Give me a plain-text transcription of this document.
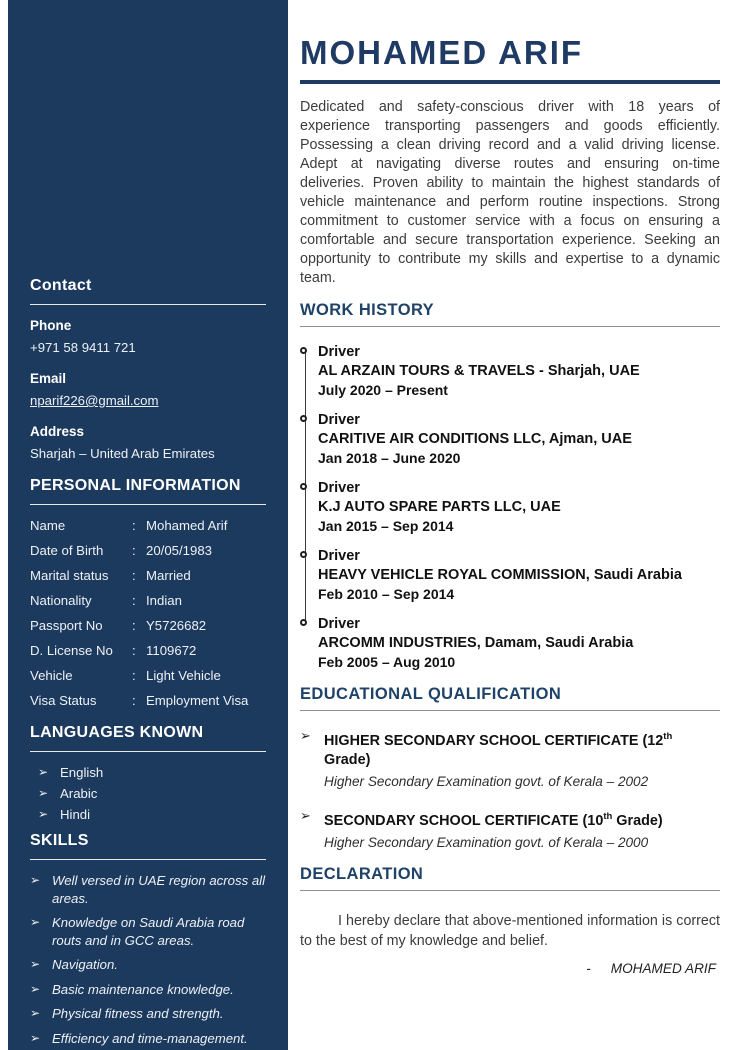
Contact
Phone
+971 58 9411 721
Email
nparif226@gmail.com
Address
Sharjah – United Arab Emirates
PERSONAL INFORMATION
Name	: Mohamed Arif
Date of Birth	: 20/05/1983
Marital status	: Married
Nationality	: Indian
Passport No	: Y5726682
D. License No	: 1109672
Vehicle	: Light Vehicle
Visa Status	: Employment Visa
LANGUAGES KNOWN
➢ English
➢ Arabic
➢ Hindi
SKILLS
➢ Well versed in UAE region across all areas.
➢ Knowledge on Saudi Arabia road routs and in GCC areas.
➢ Navigation.
➢ Basic maintenance knowledge.
➢ Physical fitness and strength.
➢ Efficiency and time-management.
MOHAMED ARIF

Dedicated and safety-conscious driver with 18 years of experience transporting passengers and goods efficiently. Possessing a clean driving record and a valid driving license. Adept at navigating diverse routes and ensuring on-time deliveries. Proven ability to maintain the highest standards of vehicle maintenance and perform routine inspections. Strong commitment to customer service with a focus on ensuring a comfortable and secure transportation experience. Seeking an opportunity to contribute my skills and expertise to a dynamic team.

WORK HISTORY
Driver
AL ARZAIN TOURS & TRAVELS - Sharjah, UAE
July 2020 – Present
Driver
CARITIVE AIR CONDITIONS LLC, Ajman, UAE
Jan 2018 – June 2020
Driver
K.J AUTO SPARE PARTS LLC, UAE
Jan 2015 – Sep 2014
Driver
HEAVY VEHICLE ROYAL COMMISSION, Saudi Arabia
Feb 2010 – Sep 2014
Driver
ARCOMM INDUSTRIES, Damam, Saudi Arabia
Feb 2005 – Aug 2010
EDUCATIONAL QUALIFICATION
➢ HIGHER SECONDARY SCHOOL CERTIFICATE (12th Grade)
Higher Secondary Examination govt. of Kerala – 2002
➢ SECONDARY SCHOOL CERTIFICATE (10th Grade)
Higher Secondary Examination govt. of Kerala – 2000
DECLARATION

I hereby declare that above-mentioned information is correct to the best of my knowledge and belief.

- MOHAMED ARIF
